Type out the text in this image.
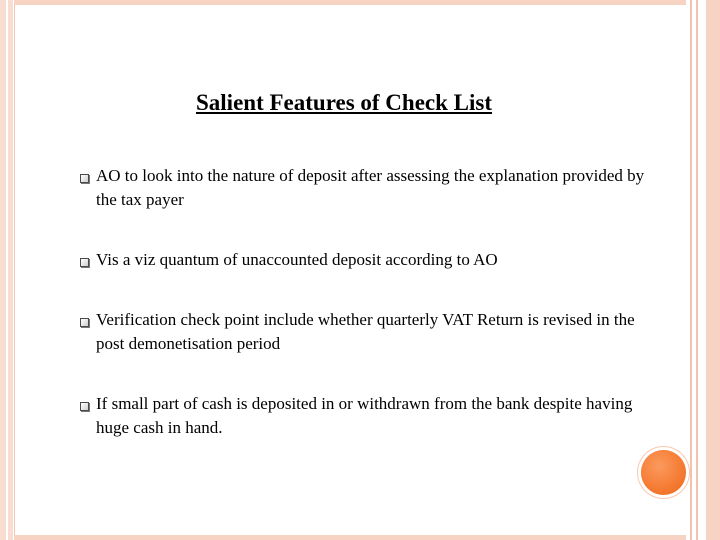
Salient Features of Check List
AO to look into the nature of deposit after assessing the explanation provided by the tax payer
Vis a viz quantum of unaccounted deposit according to AO
Verification check point include whether quarterly VAT Return is revised in the post demonetisation period
If small part of cash is deposited in or withdrawn from the bank despite having huge cash in hand.
